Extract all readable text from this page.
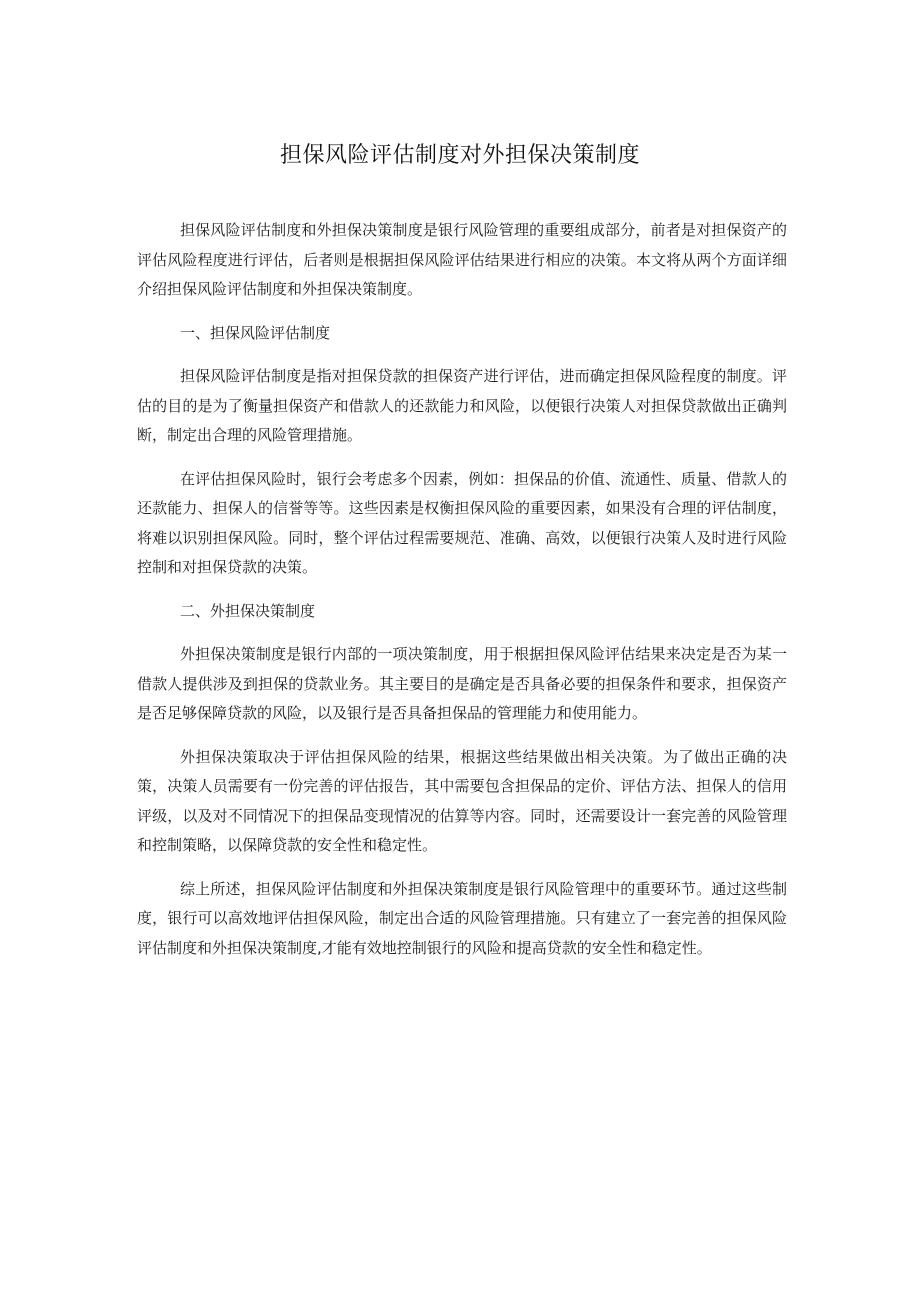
担保风险评估制度对外担保决策制度

担保风险评估制度和外担保决策制度是银行风险管理的重要组成部分，前者是对担保资产的评估风险程度进行评估，后者则是根据担保风险评估结果进行相应的决策。本文将从两个方面详细介绍担保风险评估制度和外担保决策制度。

一、担保风险评估制度

担保风险评估制度是指对担保贷款的担保资产进行评估，进而确定担保风险程度的制度。评估的目的是为了衡量担保资产和借款人的还款能力和风险，以便银行决策人对担保贷款做出正确判断，制定出合理的风险管理措施。

在评估担保风险时，银行会考虑多个因素，例如：担保品的价值、流通性、质量、借款人的还款能力、担保人的信誉等等。这些因素是权衡担保风险的重要因素，如果没有合理的评估制度，将难以识别担保风险。同时，整个评估过程需要规范、准确、高效，以便银行决策人及时进行风险控制和对担保贷款的决策。

二、外担保决策制度

外担保决策制度是银行内部的一项决策制度，用于根据担保风险评估结果来决定是否为某一借款人提供涉及到担保的贷款业务。其主要目的是确定是否具备必要的担保条件和要求，担保资产是否足够保障贷款的风险，以及银行是否具备担保品的管理能力和使用能力。

外担保决策取决于评估担保风险的结果，根据这些结果做出相关决策。为了做出正确的决策，决策人员需要有一份完善的评估报告，其中需要包含担保品的定价、评估方法、担保人的信用评级，以及对不同情况下的担保品变现情况的估算等内容。同时，还需要设计一套完善的风险管理和控制策略，以保障贷款的安全性和稳定性。

综上所述，担保风险评估制度和外担保决策制度是银行风险管理中的重要环节。通过这些制度，银行可以高效地评估担保风险，制定出合适的风险管理措施。只有建立了一套完善的担保风险评估制度和外担保决策制度,才能有效地控制银行的风险和提高贷款的安全性和稳定性。
